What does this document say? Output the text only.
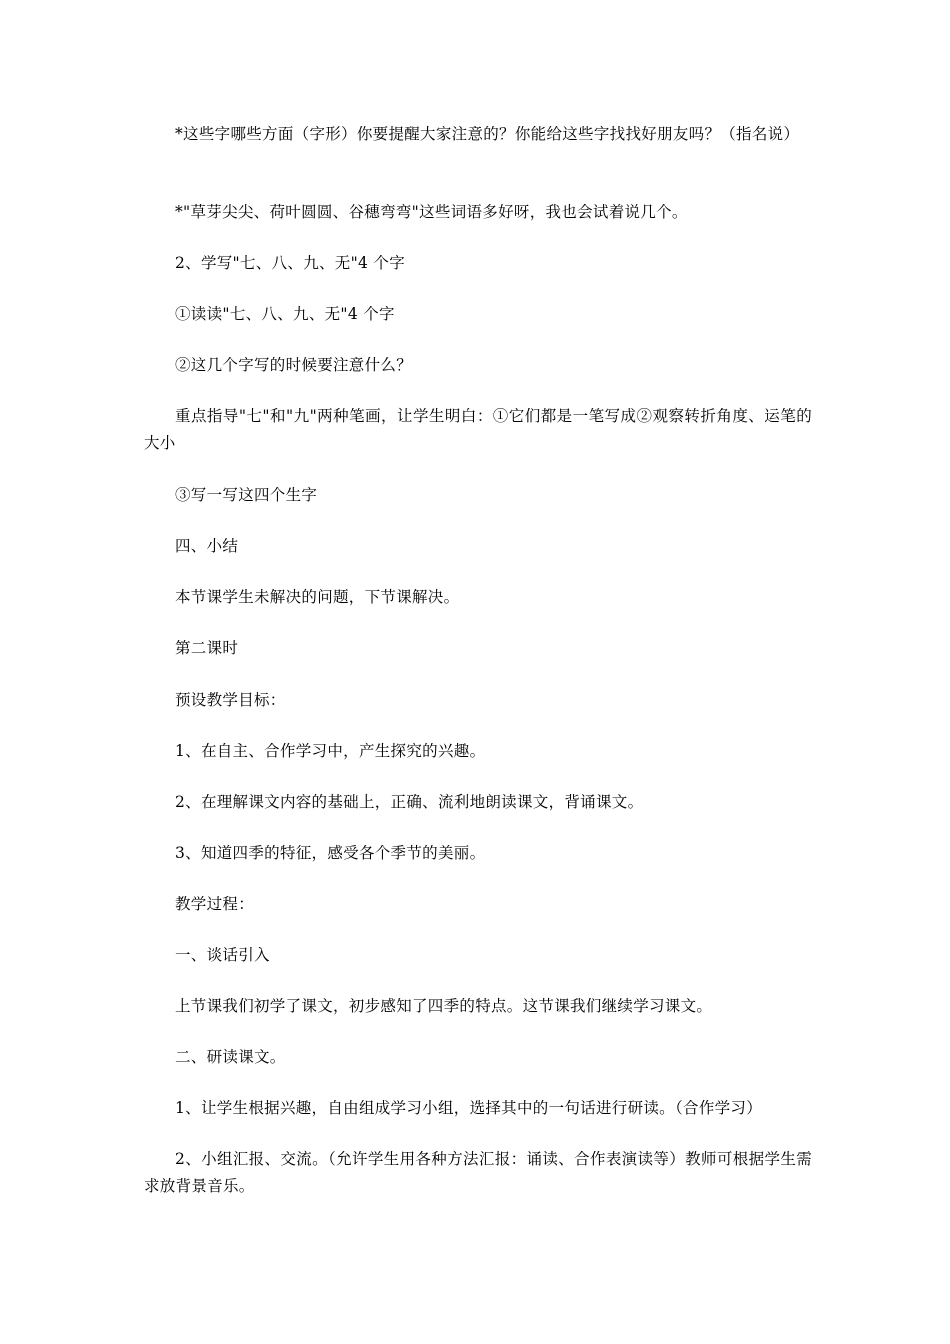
*这些字哪些方面（字形）你要提醒大家注意的？你能给这些字找找好朋友吗？（指名说）

*"草芽尖尖、荷叶圆圆、谷穗弯弯"这些词语多好呀，我也会试着说几个。

2、学写"七、八、九、无"4 个字

①读读"七、八、九、无"4 个字

②这几个字写的时候要注意什么？

重点指导"七"和"九"两种笔画，让学生明白：①它们都是一笔写成②观察转折角度、运笔的大小

③写一写这四个生字

四、小结

本节课学生未解决的问题，下节课解决。

第二课时

预设教学目标：

1、在自主、合作学习中，产生探究的兴趣。

2、在理解课文内容的基础上，正确、流利地朗读课文，背诵课文。

3、知道四季的特征，感受各个季节的美丽。

教学过程：

一、谈话引入

上节课我们初学了课文，初步感知了四季的特点。这节课我们继续学习课文。

二、研读课文。

1、让学生根据兴趣，自由组成学习小组，选择其中的一句话进行研读。（合作学习）

2、小组汇报、交流。（允许学生用各种方法汇报：诵读、合作表演读等）教师可根据学生需求放背景音乐。
